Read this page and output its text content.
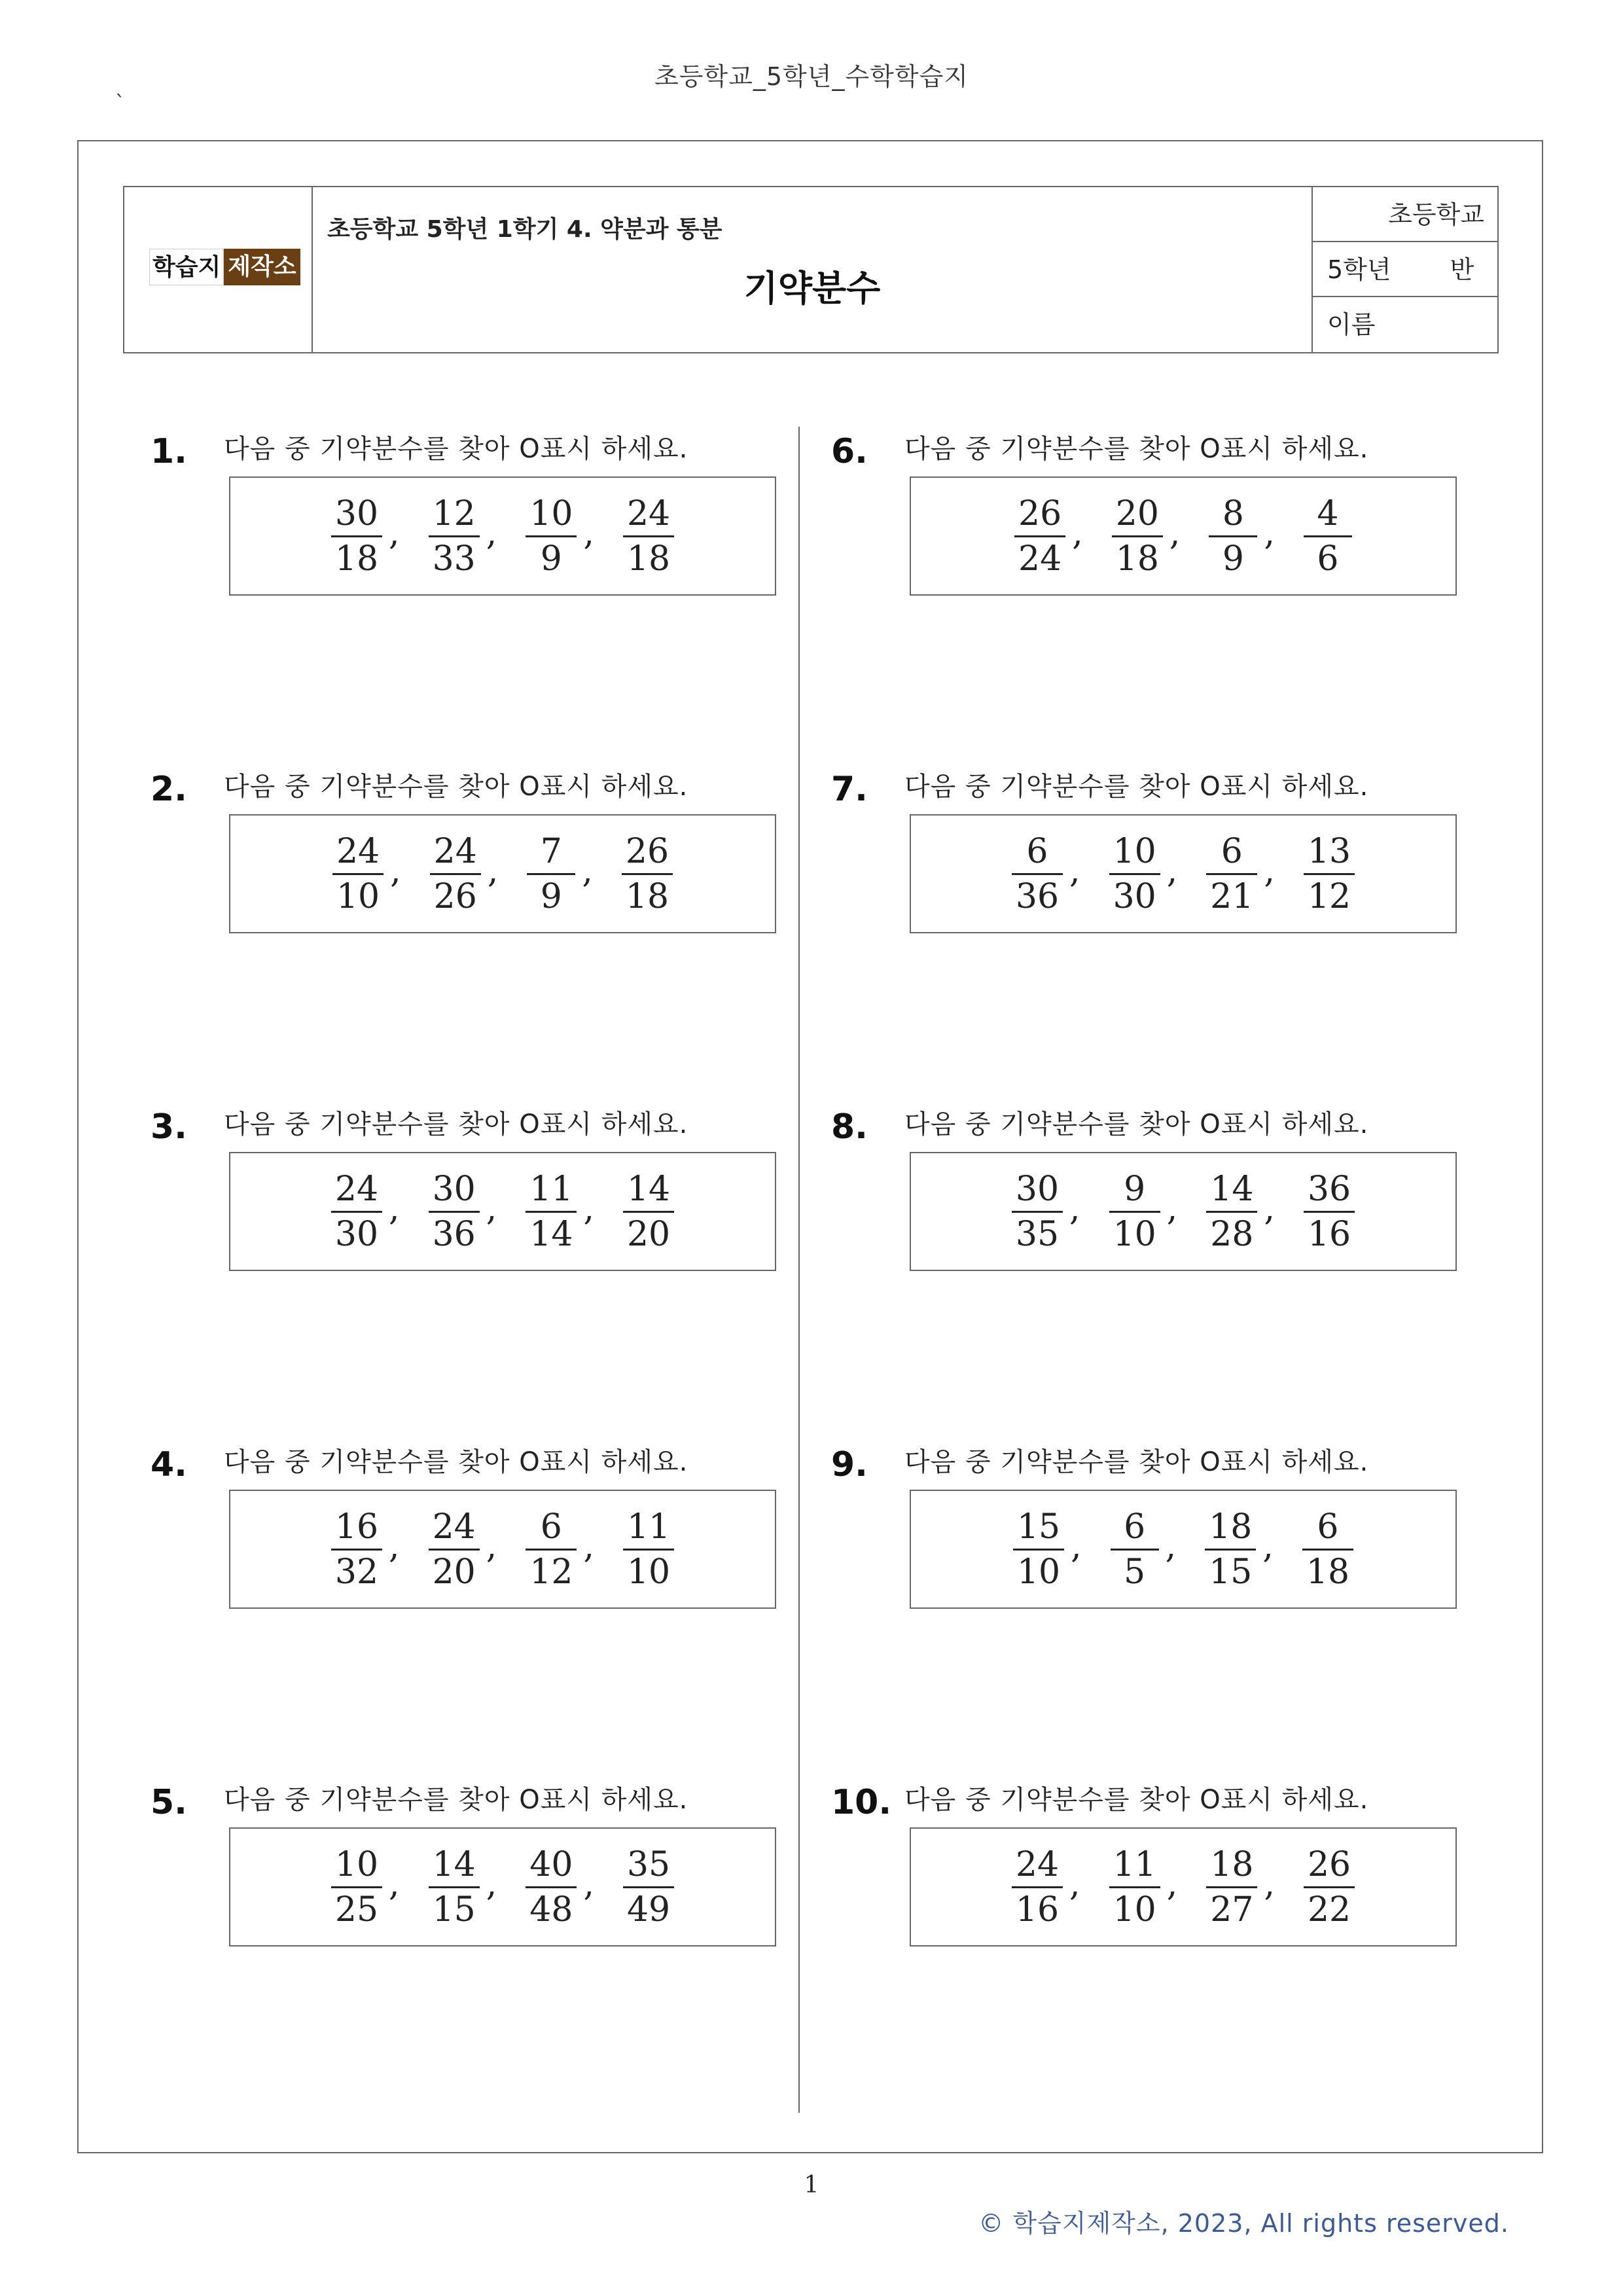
초등학교_5학년_수학학습지
`
학습지 제작소
초등학교 5학년 1학기 4. 약분과 통분
기약분수
초등학교
5학년 반
이름
1. 다음 중 기약분수를 찾아 O표시 하세요.
$\frac{30}{18}$ , $\frac{12}{33}$ , $\frac{10}{9}$ , $\frac{24}{18}$
2. 다음 중 기약분수를 찾아 O표시 하세요.
$\frac{24}{10}$ , $\frac{24}{26}$ , $\frac{7}{9}$ , $\frac{26}{18}$
3. 다음 중 기약분수를 찾아 O표시 하세요.
$\frac{24}{30}$ , $\frac{30}{36}$ , $\frac{11}{14}$ , $\frac{14}{20}$
4. 다음 중 기약분수를 찾아 O표시 하세요.
$\frac{16}{32}$ , $\frac{24}{20}$ , $\frac{6}{12}$ , $\frac{11}{10}$
5. 다음 중 기약분수를 찾아 O표시 하세요.
$\frac{10}{25}$ , $\frac{14}{15}$ , $\frac{40}{48}$ , $\frac{35}{49}$
6. 다음 중 기약분수를 찾아 O표시 하세요.
$\frac{26}{24}$ , $\frac{20}{18}$ , $\frac{8}{9}$ , $\frac{4}{6}$
7. 다음 중 기약분수를 찾아 O표시 하세요.
$\frac{6}{36}$ , $\frac{10}{30}$ , $\frac{6}{21}$ , $\frac{13}{12}$
8. 다음 중 기약분수를 찾아 O표시 하세요.
$\frac{30}{35}$ , $\frac{9}{10}$ , $\frac{14}{28}$ , $\frac{36}{16}$
9. 다음 중 기약분수를 찾아 O표시 하세요.
$\frac{15}{10}$ , $\frac{6}{5}$ , $\frac{18}{15}$ , $\frac{6}{18}$
10. 다음 중 기약분수를 찾아 O표시 하세요.
$\frac{24}{16}$ , $\frac{11}{10}$ , $\frac{18}{27}$ , $\frac{26}{22}$
1
© 학습지제작소, 2023, All rights reserved.
